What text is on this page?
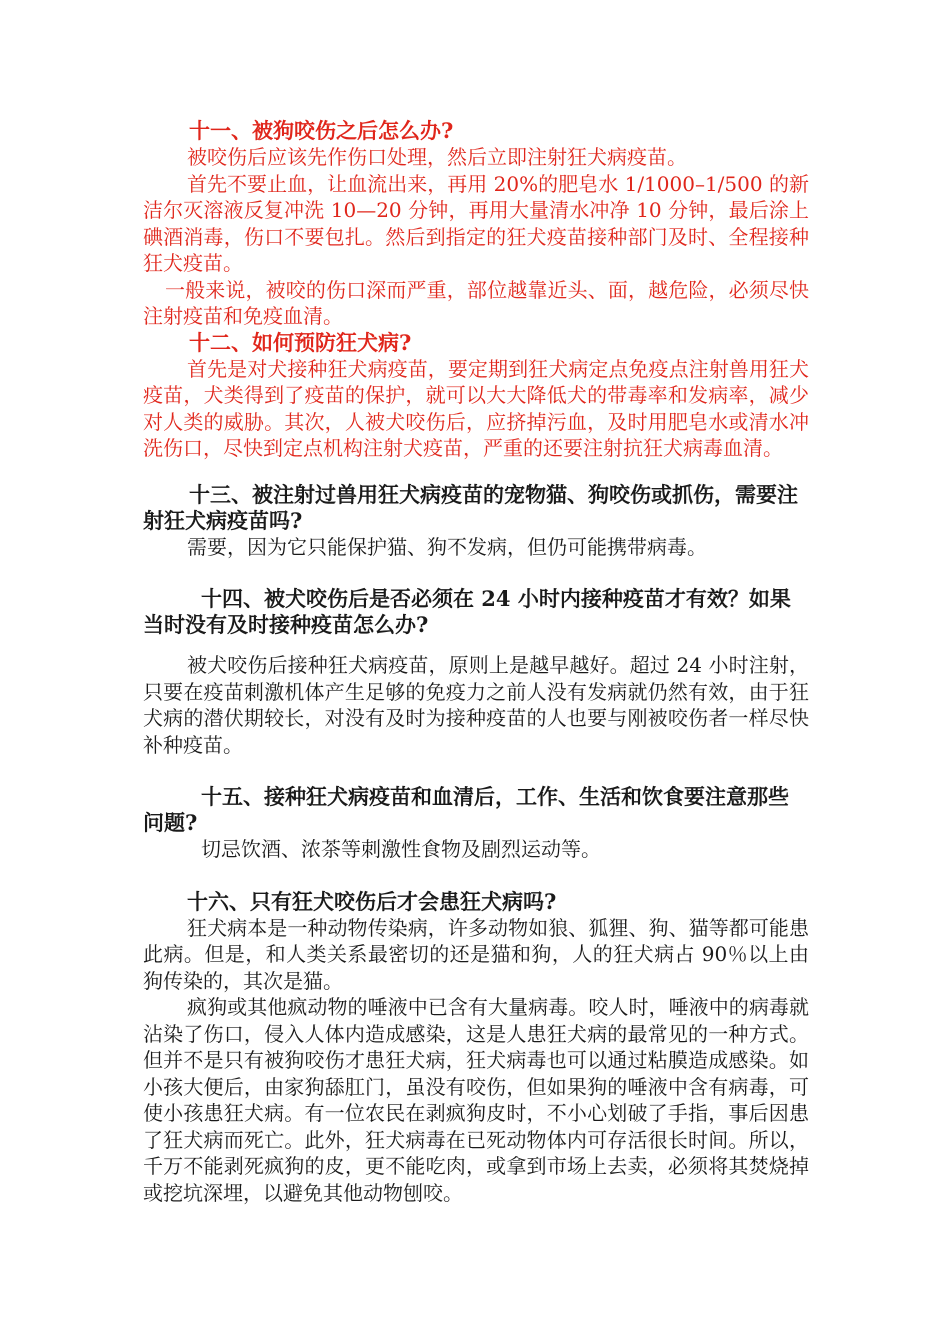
十一、被狗咬伤之后怎么办?

被咬伤后应该先作伤口处理，然后立即注射狂犬病疫苗。

首先不要止血，让血流出来，再用 20%的肥皂水 1/1000–1/500 的新洁尔灭溶液反复冲洗 10—20 分钟，再用大量清水冲净 10 分钟，最后涂上碘酒消毒，伤口不要包扎。然后到指定的狂犬疫苗接种部门及时、全程接种狂犬疫苗。

一般来说，被咬的伤口深而严重，部位越靠近头、面，越危险，必须尽快注射疫苗和免疫血清。

十二、如何预防狂犬病?

首先是对犬接种狂犬病疫苗，要定期到狂犬病定点免疫点注射兽用狂犬疫苗，犬类得到了疫苗的保护，就可以大大降低犬的带毒率和发病率，减少对人类的威胁。其次，人被犬咬伤后，应挤掉污血，及时用肥皂水或清水冲洗伤口，尽快到定点机构注射犬疫苗，严重的还要注射抗狂犬病毒血清。

十三、被注射过兽用狂犬病疫苗的宠物猫、狗咬伤或抓伤，需要注射狂犬病疫苗吗?

需要，因为它只能保护猫、狗不发病，但仍可能携带病毒。

十四、被犬咬伤后是否必须在 24 小时内接种疫苗才有效？如果当时没有及时接种疫苗怎么办?

被犬咬伤后接种狂犬病疫苗，原则上是越早越好。超过 24 小时注射，只要在疫苗刺激机体产生足够的免疫力之前人没有发病就仍然有效，由于狂犬病的潜伏期较长，对没有及时为接种疫苗的人也要与刚被咬伤者一样尽快补种疫苗。

十五、接种狂犬病疫苗和血清后，工作、生活和饮食要注意那些问题?

切忌饮酒、浓茶等刺激性食物及剧烈运动等。

十六、只有狂犬咬伤后才会患狂犬病吗?

狂犬病本是一种动物传染病，许多动物如狼、狐狸、狗、猫等都可能患此病。但是，和人类关系最密切的还是猫和狗，人的狂犬病占 90％以上由狗传染的，其次是猫。

疯狗或其他疯动物的唾液中已含有大量病毒。咬人时，唾液中的病毒就沾染了伤口，侵入人体内造成感染，这是人患狂犬病的最常见的一种方式。但并不是只有被狗咬伤才患狂犬病，狂犬病毒也可以通过粘膜造成感染。如小孩大便后，由家狗舔肛门，虽没有咬伤，但如果狗的唾液中含有病毒，可使小孩患狂犬病。有一位农民在剥疯狗皮时，不小心划破了手指，事后因患了狂犬病而死亡。此外，狂犬病毒在已死动物体内可存活很长时间。所以，千万不能剥死疯狗的皮，更不能吃肉，或拿到市场上去卖，必须将其焚烧掉或挖坑深埋，以避免其他动物刨咬。
